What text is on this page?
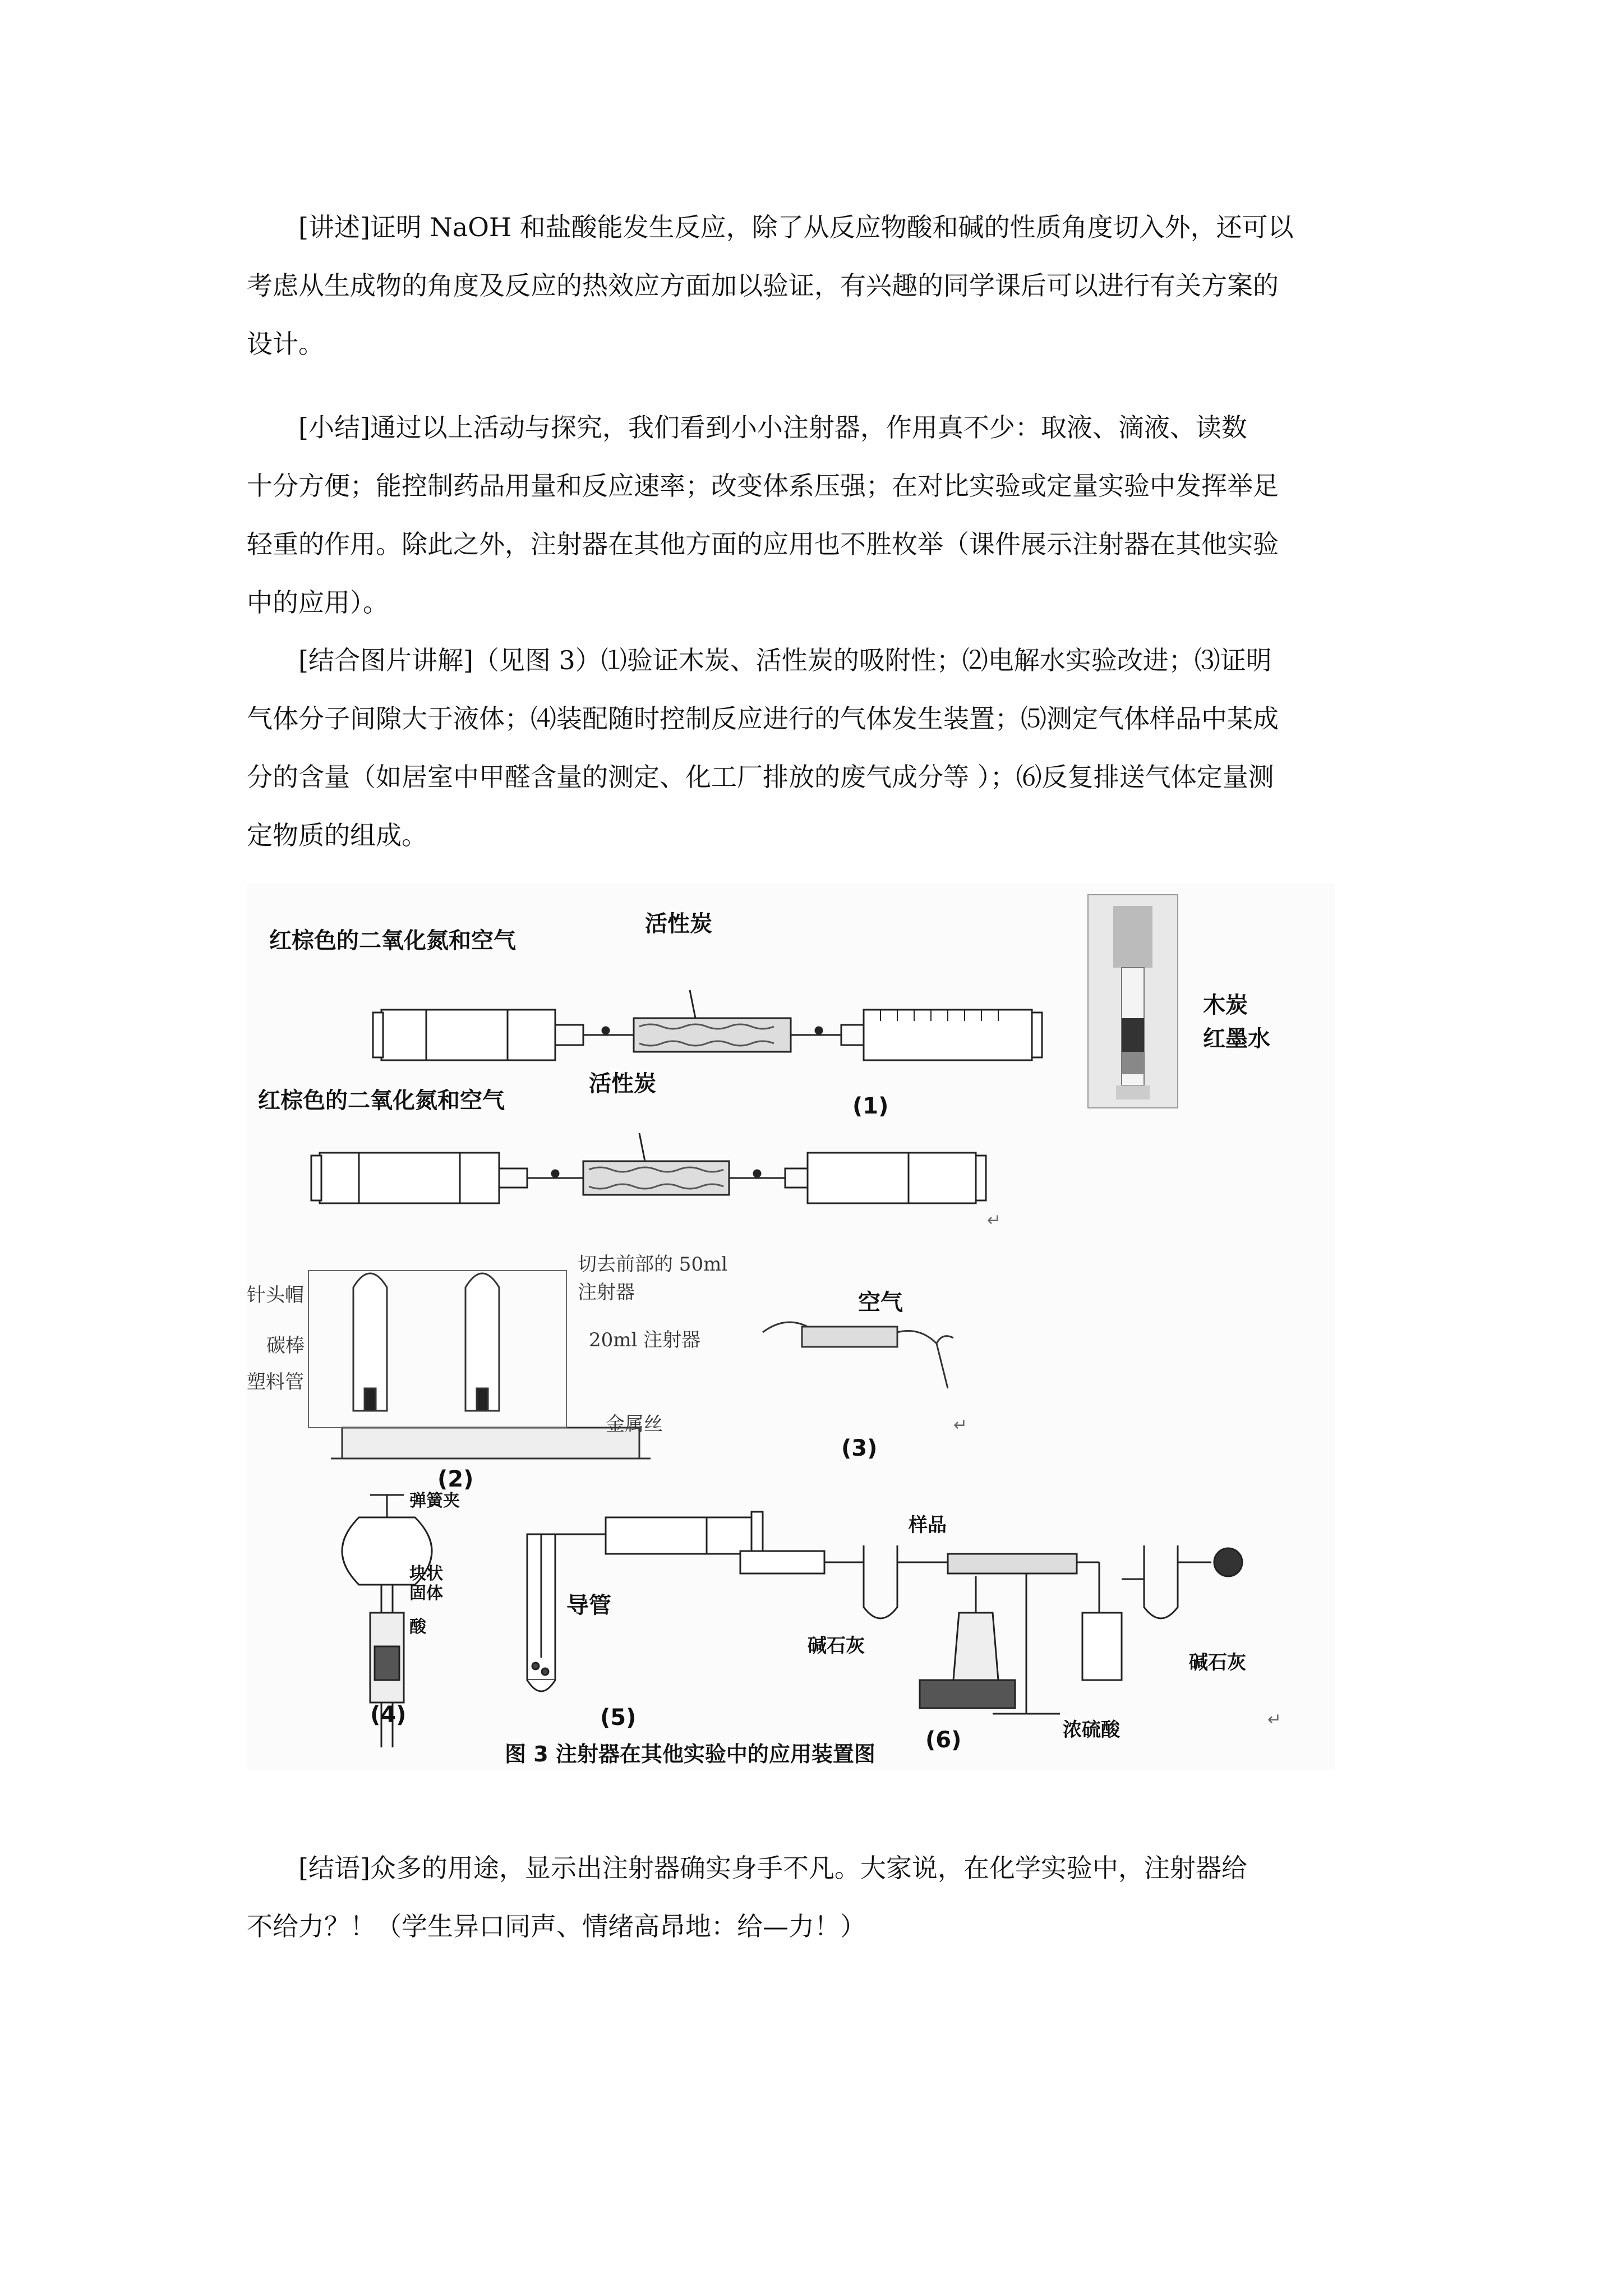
[讲述]证明 NaOH 和盐酸能发生反应，除了从反应物酸和碱的性质角度切入外，还可以
考虑从生成物的角度及反应的热效应方面加以验证，有兴趣的同学课后可以进行有关方案的
设计。
[小结]通过以上活动与探究，我们看到小小注射器，作用真不少：取液、滴液、读数
十分方便；能控制药品用量和反应速率；改变体系压强；在对比实验或定量实验中发挥举足
轻重的作用。除此之外，注射器在其他方面的应用也不胜枚举（课件展示注射器在其他实验
中的应用）。
[结合图片讲解]（见图 3）⑴验证木炭、活性炭的吸附性；⑵电解水实验改进；⑶证明
气体分子间隙大于液体；⑷装配随时控制反应进行的气体发生装置；⑸测定气体样品中某成
分的含量（如居室中甲醛含量的测定、化工厂排放的废气成分等 ）；⑹反复排送气体定量测
定物质的组成。
红棕色的二氧化氮和空气
活性炭
木炭
红墨水
红棕色的二氧化氮和空气
活性炭
(1)
↵
针头帽
碳棒
塑料管
切去前部的 50ml
注射器
20ml 注射器
金属丝
(2)
空气
(3)
↵
弹簧夹
块状
固体
酸
(4)
导管
(5)
样品
碱石灰
浓硫酸
碱石灰
(6)
↵
图 3 注射器在其他实验中的应用装置图
[结语]众多的用途，显示出注射器确实身手不凡。大家说，在化学实验中，注射器给
不给力？！（学生异口同声、情绪高昂地：给—力！）
